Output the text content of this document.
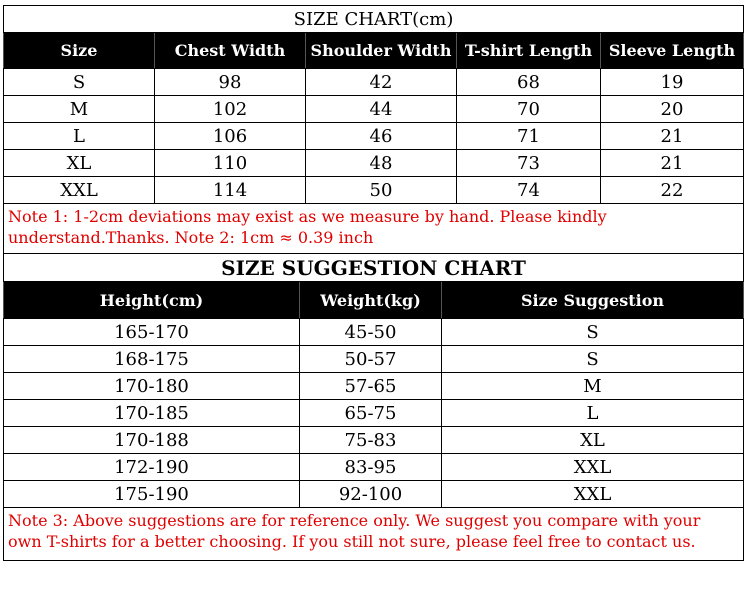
SIZE CHART(cm)				
Size	Chest Width	Shoulder Width	T-shirt Length	Sleeve Length
S	98	42	68	19
M	102	44	70	20
L	106	46	71	21
XL	110	48	73	21
XXL	114	50	74	22
Note 1: 1-2cm deviations may exist as we measure by hand. Please kindly understand.Thanks. Note 2: 1cm ≈ 0.39 inch				
SIZE SUGGESTION CHART		
Height(cm)	Weight(kg)	Size Suggestion
165-170	45-50	S
168-175	50-57	S
170-180	57-65	M
170-185	65-75	L
170-188	75-83	XL
172-190	83-95	XXL
175-190	92-100	XXL
Note 3: Above suggestions are for reference only. We suggest you compare with your own T-shirts for a better choosing. If you still not sure, please feel free to contact us.		
